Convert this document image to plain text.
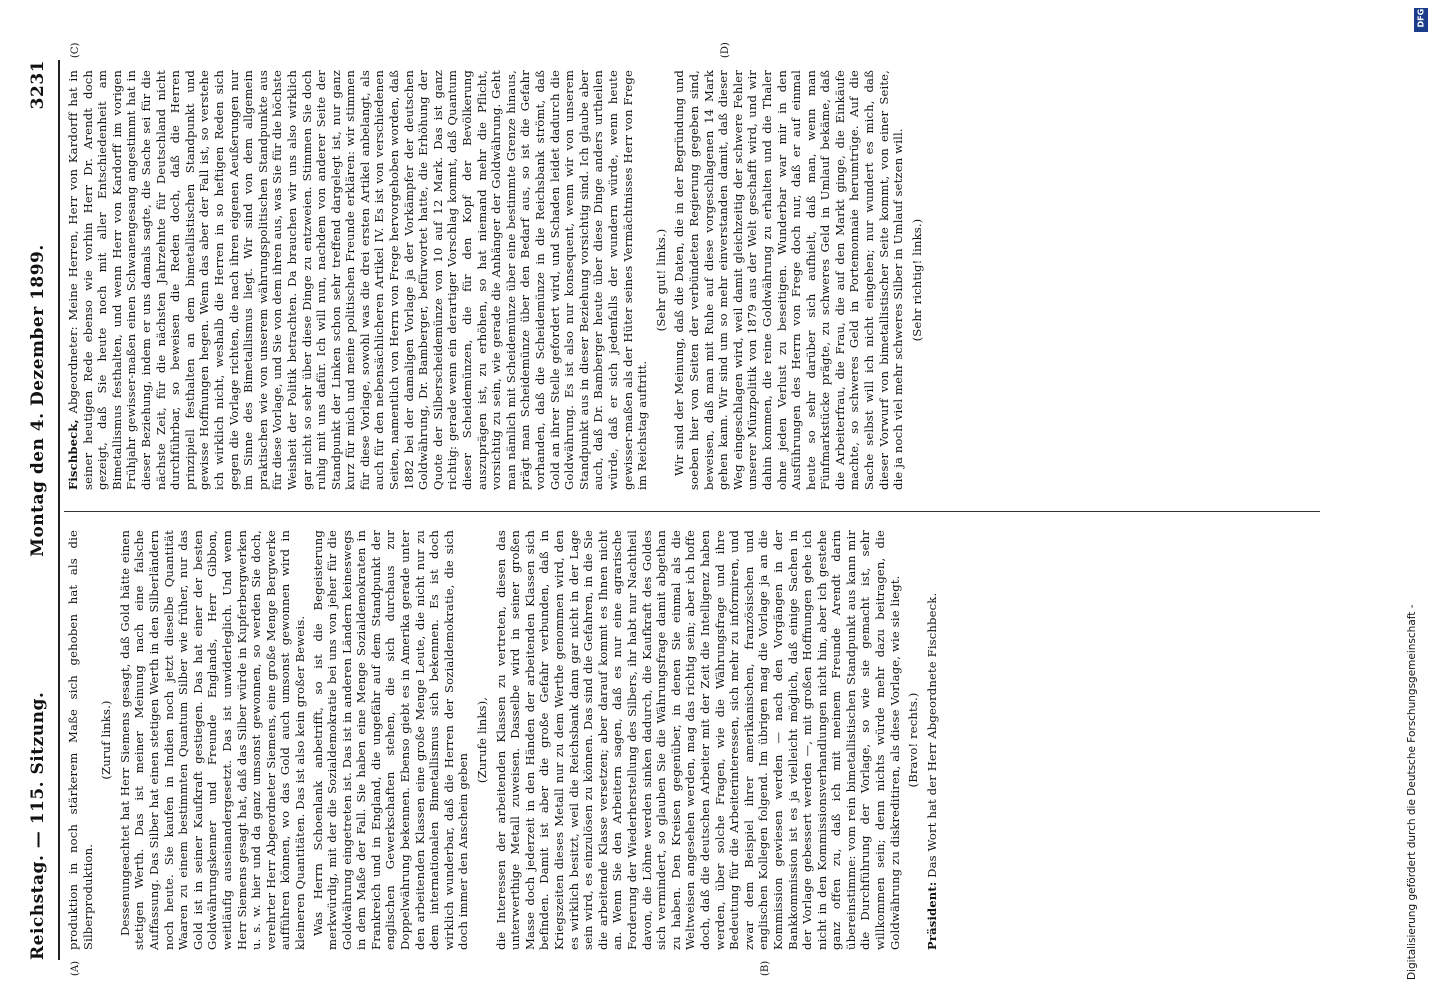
Reichstag. — 115. Sitzung.
Montag den 4. Dezember 1899.
3231
(A)	(B)
(C)	(D)

produktion in noch stärkerem Maße sich gehoben hat als die Silberproduktion.

(Zuruf links.) Dessenungeachtet hat Herr Siemens gesagt, daß Gold hätte einen stetigen Werth. Das ist meiner Meinung nach eine falsche Auffassung. Das Silber hat einen stetigen Werth in den Silberländern noch heute. Sie kaufen in Indien noch jetzt dieselbe Quantität Waaren zu einem bestimmten Quantum Silber wie früher, nur das Gold ist in seiner Kaufkraft gestiegen. Das hat einer der besten Goldwährungskenner und Freunde Englands, Herr Gibbon, weitläufig auseinandergesetzt. Das ist unwiderleglich. Und wenn Herr Siemens gesagt hat, daß das Silber würde in Kupferbergwerken u. s. w. hier und da ganz umsonst gewonnen, so werden Sie doch, verehrter Herr Abgeordneter Siemens, eine große Menge Bergwerke aufführen können, wo das Gold auch umsonst gewonnen wird in kleineren Quantitäten. Das ist also kein großer Beweis. Was Herrn Schoenlank anbetrifft, so ist die Begeisterung merkwürdig, mit der die Sozialdemokratie bei uns von jeher für die Goldwährung eingetreten ist. Das ist in anderen Ländern keineswegs in dem Maße der Fall. Sie haben eine Menge Sozialdemokraten in Frankreich und in England, die ungefähr auf dem Standpunkt der englischen Gewerkschaften stehen, die sich durchaus zur Doppelwährung bekennen. Ebenso giebt es in Amerika gerade unter den arbeitenden Klassen eine große Menge Leute, die nicht nur zu dem internationalen Bimetallismus sich bekennen. Es ist doch wirklich wunderbar, daß die Herren der Sozialdemokratie, die sich doch immer den Anschein geben

(Zurufe links), die Interessen der arbeitenden Klassen zu vertreten, diesen das unterwerthige Metall zuweisen. Dasselbe wird in seiner großen Masse doch jederzeit in den Händen der arbeitenden Klassen sich befinden. Damit ist aber die große Gefahr verbunden, daß in Kriegszeiten dieses Metall nur zu dem Werthe genommen wird, den es wirklich besitzt, weil die Reichsbank dann gar nicht in der Lage sein wird, es einzulösen zu können. Das sind die Gefahren, in die Sie die arbeitende Klasse versetzen; aber darauf kommt es Ihnen nicht an. Wenn Sie den Arbeitern sagen, daß es nur eine agrarische Forderung der Wiederherstellung des Silbers, ihr habt nur Nachtheil davon, die Löhne werden sinken dadurch, die Kaufkraft des Goldes sich vermindert, so glauben Sie die Währungsfrage damit abgethan zu haben. Den Kreisen gegenüber, in denen Sie einmal als die Weltweisen angesehen werden, mag das richtig sein; aber ich hoffe doch, daß die deutschen Arbeiter mit der Zeit die Intelligenz haben werden, über solche Fragen, wie die Währungsfrage und ihre Bedeutung für die Arbeiterinteressen, sich mehr zu informiren, und zwar dem Beispiel ihrer amerikanischen, französischen und englischen Kollegen folgend. Im übrigen mag die Vorlage ja an die Kommission gewiesen werden — nach den Vorgängen in der Bankkommission ist es ja vielleicht möglich, daß einige Sachen in der Vorlage gebessert werden —, mit großen Hoffnungen gehe ich nicht in den Kommissionsverhandlungen nicht hin, aber ich gestehe ganz offen zu, daß ich mit meinem Freunde Arendt darin übereinstimme: vom rein bimetallistischen Standpunkt aus kann mir die Durchführung der Vorlage, so wie sie gemacht ist, sehr willkommen sein; denn nichts würde mehr dazu beitragen, die Goldwährung zu diskreditiren, als diese Vorlage, wie sie liegt. (Bravo! rechts.)

Präsident: Das Wort hat der Herr Abgeordnete Fischbeck.

Fischbeck, Abgeordneter: Meine Herren, Herr von Kardorff hat in seiner heutigen Rede ebenso wie vorhin Herr Dr. Arendt doch gezeigt, daß Sie heute noch mit aller Entschiedenheit am Bimetallismus festhalten, und wenn Herr von Kardorff im vorigen Frühjahr gewisser-maßen einen Schwanengesang angestimmt hat in dieser Beziehung, indem er uns damals sagte, die Sache sei für die nächste Zeit, für die nächsten Jahrzehnte für Deutschland nicht durchführbar, so beweisen die Reden doch, daß die Herren prinzipiell festhalten an dem bimetallistischen Standpunkt und gewisse Hoffnungen hegen. Wenn das aber der Fall ist, so verstehe ich wirklich nicht, weshalb die Herren in so heftigen Reden sich gegen die Vorlage richten, die nach ihren eigenen Aeußerungen nur im Sinne des Bimetallismus liegt. Wir sind von dem allgemein praktischen wie von unserem währungspolitischen Standpunkte aus für diese Vorlage, und Sie von dem ihren aus, was Sie für die höchste Weisheit der Politik betrachten. Da brauchen wir uns also wirklich gar nicht so sehr über diese Dinge zu entzweien. Stimmen Sie doch ruhig mit uns dafür. Ich will nun, nachdem von anderer Seite der Standpunkt der Linken schon sehr treffend dargelegt ist, nur ganz kurz für mich und meine politischen Freunde erklären: wir stimmen für diese Vorlage, sowohl was die drei ersten Artikel anbelangt, als auch für den nebensächlicheren Artikel IV. Es ist von verschiedenen Seiten, namentlich von Herrn von Frege hervorgehoben worden, daß 1882 bei der damaligen Vorlage ja der Vorkämpfer der deutschen Goldwährung, Dr. Bamberger, befürwortet hatte, die Erhöhung der Quote der Silberscheidemünze von 10 auf 12 Mark. Das ist ganz richtig: gerade wenn ein derartiger Vorschlag kommt, daß Quantum dieser Scheidemünzen, die für den Kopf der Bevölkerung auszuprägen ist, zu erhöhen, so hat niemand mehr die Pflicht, vorsichtig zu sein, wie gerade die Anhänger der Goldwährung. Geht man nämlich mit Scheidemünze über eine bestimmte Grenze hinaus, prägt man Scheidemünze über den Bedarf aus, so ist die Gefahr vorhanden, daß die Scheidemünze in die Reichsbank strömt, daß Gold an ihrer Stelle gefordert wird, und Schaden leidet dadurch die Goldwährung. Es ist also nur konsequent, wenn wir von unserem Standpunkt aus in dieser Beziehung vorsichtig sind. Ich glaube aber auch, daß Dr. Bamberger heute über diese Dinge anders urtheilen würde, daß er sich jedenfalls der wundern würde, wenn heute gewisser-maßen als der Hüter seines Vermächtnisses Herr von Frege im Reichstag auftritt.

(Sehr gut! links.) Wir sind der Meinung, daß die Daten, die in der Begründung und soeben hier von Seiten der verbündeten Regierung gegeben sind, beweisen, daß man mit Ruhe auf diese vorgeschlagenen 14 Mark gehen kann. Wir sind um so mehr einverstanden damit, daß dieser Weg eingeschlagen wird, weil damit gleichzeitig der schwere Fehler unserer Münzpolitik von 1879 aus der Welt geschafft wird, und wir dahin kommen, die reine Goldwährung zu erhalten und die Thaler ohne jeden Verlust zu beseitigen. Wunderbar war mir in den Ausführungen des Herrn von Frege doch nur, daß er auf einmal heute so sehr darüber sich aufhielt, daß man, wenn man Fünfmarkstücke prägte, zu schweres Geld in Umlauf bekäme, daß die Arbeiterfrau, die Frau, die auf den Markt ginge, die Einkäufe machte, so schweres Geld in Portemonnaie herumtrüge. Auf die Sache selbst will ich nicht eingehen; nur wundert es mich, daß dieser Vorwurf von bimetallistischer Seite kommt, von einer Seite, die ja noch viel mehr schweres Silber in Umlauf setzen will. (Sehr richtig! links.)

Digitalisierung gefördert durch die Deutsche Forschungsgemeinschaft -
DFG
